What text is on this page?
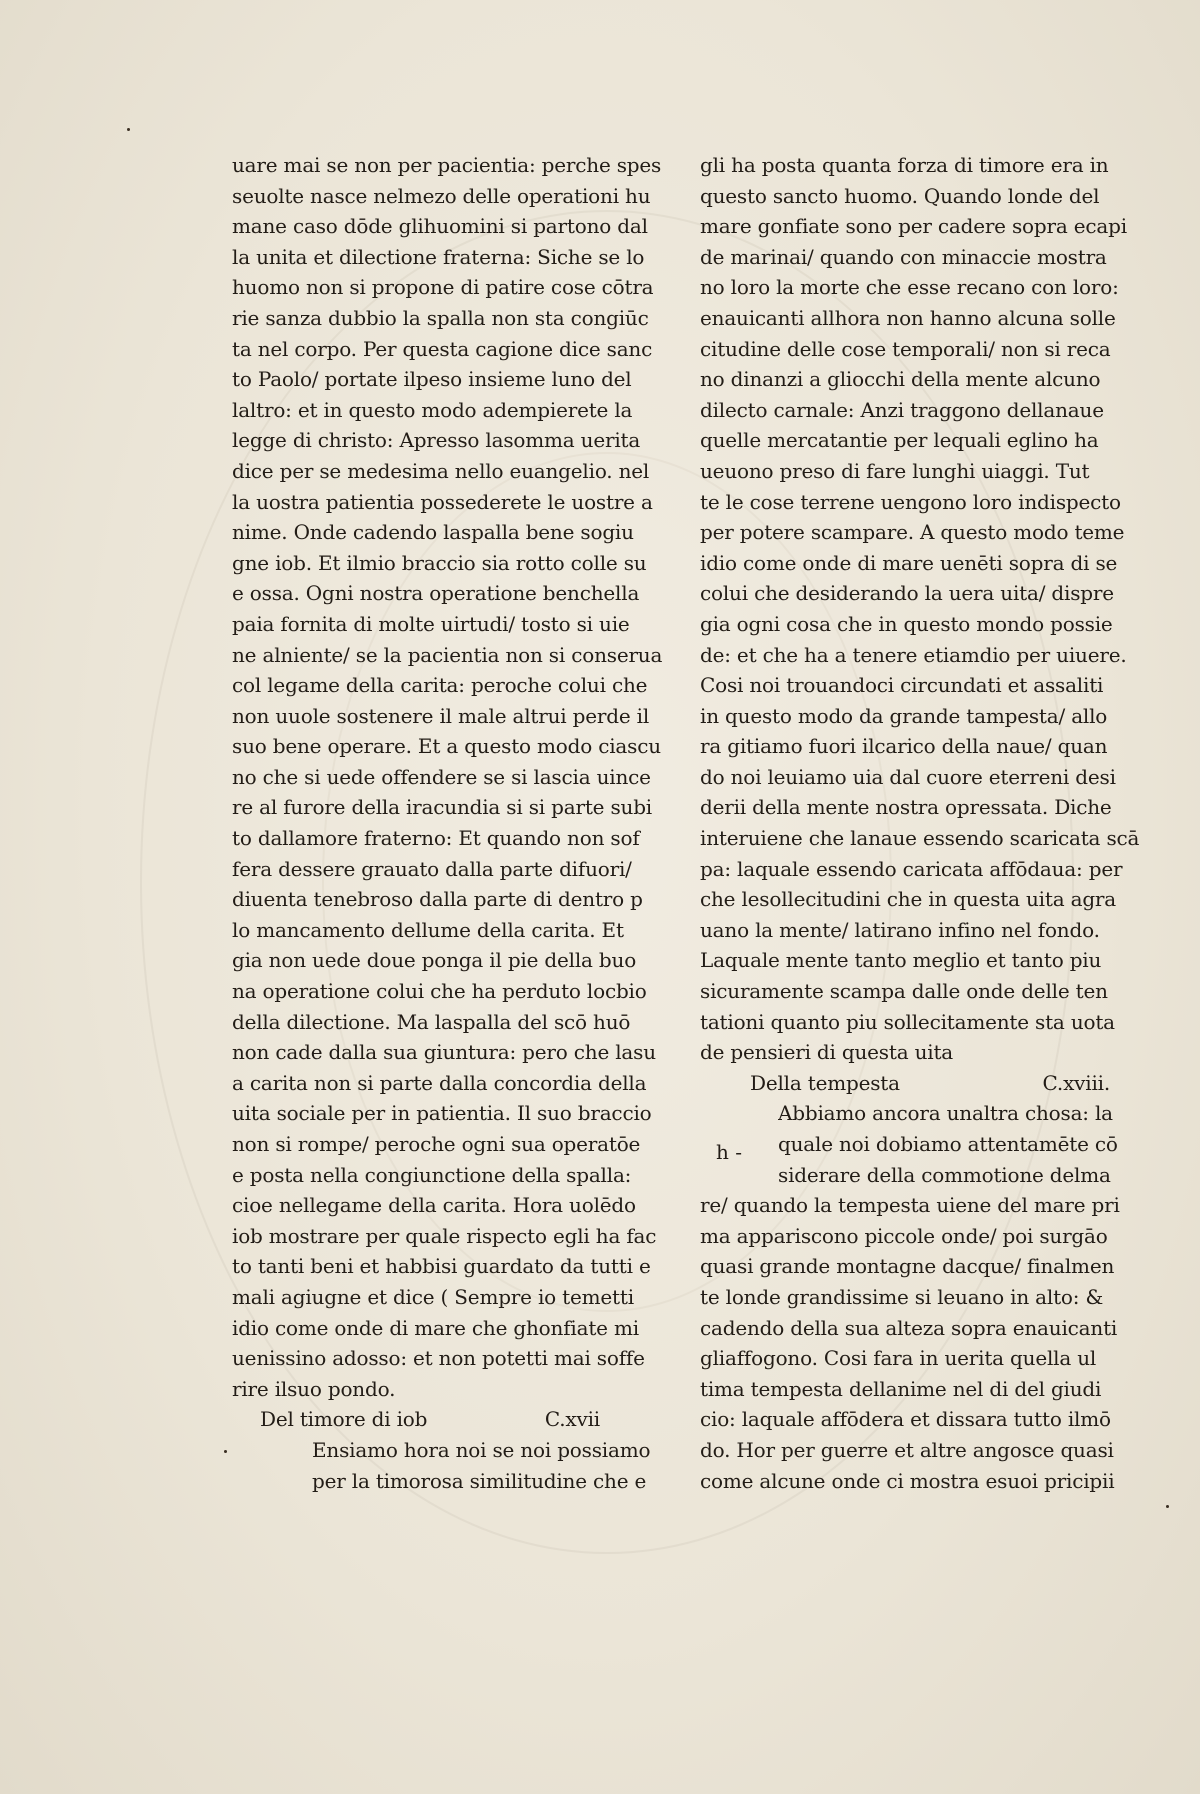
uare mai se non per pacientia: perche spes
seuolte nasce nelmezo delle operationi hu
mane caso dōde glihuomini si partono dal
la unita et dilectione fraterna: Siche se lo
huomo non si propone di patire cose cōtra
rie sanza dubbio la spalla non sta congiūc
ta nel corpo. Per questa cagione dice sanc
to Paolo/ portate ilpeso insieme luno del
laltro: et in questo modo adempierete la
legge di christo: Apresso lasomma uerita
dice per se medesima nello euangelio. nel
la uostra patientia possederete le uostre a
nime. Onde cadendo laspalla bene sogiu
gne iob. Et ilmio braccio sia rotto colle su
e ossa. Ogni nostra operatione benchella
paia fornita di molte uirtudi/ tosto si uie
ne alniente/ se la pacientia non si conserua
col legame della carita: peroche colui che
non uuole sostenere il male altrui perde il
suo bene operare. Et a questo modo ciascu
no che si uede offendere se si lascia uince
re al furore della iracundia si si parte subi
to dallamore fraterno: Et quando non sof
fera dessere grauato dalla parte difuori/
diuenta tenebroso dalla parte di dentro p
lo mancamento dellume della carita. Et
gia non uede doue ponga il pie della buo
na operatione colui che ha perduto locbio
della dilectione. Ma laspalla del scō huō
non cade dalla sua giuntura: pero che lasu
a carita non si parte dalla concordia della
uita sociale per in patientia. Il suo braccio
non si rompe/ peroche ogni sua operatōe
e posta nella congiunctione della spalla:
cioe nellegame della carita. Hora uolēdo
iob mostrare per quale rispecto egli ha fac
to tanti beni et habbisi guardato da tutti e
mali agiugne et dice ( Sempre io temetti
idio come onde di mare che ghonfiate mi
uenissino adosso: et non potetti mai soffe
rire ilsuo pondo.
Del timore di iob	C.xvii
Ensiamo hora noi se noi possiamo
per la timorosa similitudine che e
gli ha posta quanta forza di timore era in
questo sancto huomo. Quando londe del
mare gonfiate sono per cadere sopra ecapi
de marinai/ quando con minaccie mostra
no loro la morte che esse recano con loro:
enauicanti allhora non hanno alcuna solle
citudine delle cose temporali/ non si reca
no dinanzi a gliocchi della mente alcuno
dilecto carnale: Anzi traggono dellanaue
quelle mercatantie per lequali eglino ha
ueuono preso di fare lunghi uiaggi. Tut
te le cose terrene uengono loro indispecto
per potere scampare. A questo modo teme
idio come onde di mare uenēti sopra di se
colui che desiderando la uera uita/ dispre
gia ogni cosa che in questo mondo possie
de: et che ha a tenere etiamdio per uiuere.
Cosi noi trouandoci circundati et assaliti
in questo modo da grande tampesta/ allo
ra gitiamo fuori ilcarico della naue/ quan
do noi leuiamo uia dal cuore eterreni desi
derii della mente nostra opressata. Diche
interuiene che lanaue essendo scaricata scā
pa: laquale essendo caricata affōdaua: per
che lesollecitudini che in questa uita agra
uano la mente/ latirano infino nel fondo.
Laquale mente tanto meglio et tanto piu
sicuramente scampa dalle onde delle ten
tationi quanto piu sollecitamente sta uota
de pensieri di questa uita
Della tempesta	C.xviii.
Abbiamo ancora unaltra chosa: la
quale noi dobiamo attentamēte cō
siderare della commotione delma
re/ quando la tempesta uiene del mare pri
ma appariscono piccole onde/ poi surgāo
quasi grande montagne dacque/ finalmen
te londe grandissime si leuano in alto: &
cadendo della sua alteza sopra enauicanti
gliaffogono. Cosi fara in uerita quella ul
tima tempesta dellanime nel di del giudi
cio: laquale affōdera et dissara tutto ilmō
do. Hor per guerre et altre angosce quasi
come alcune onde ci mostra esuoi pricipii
h -
